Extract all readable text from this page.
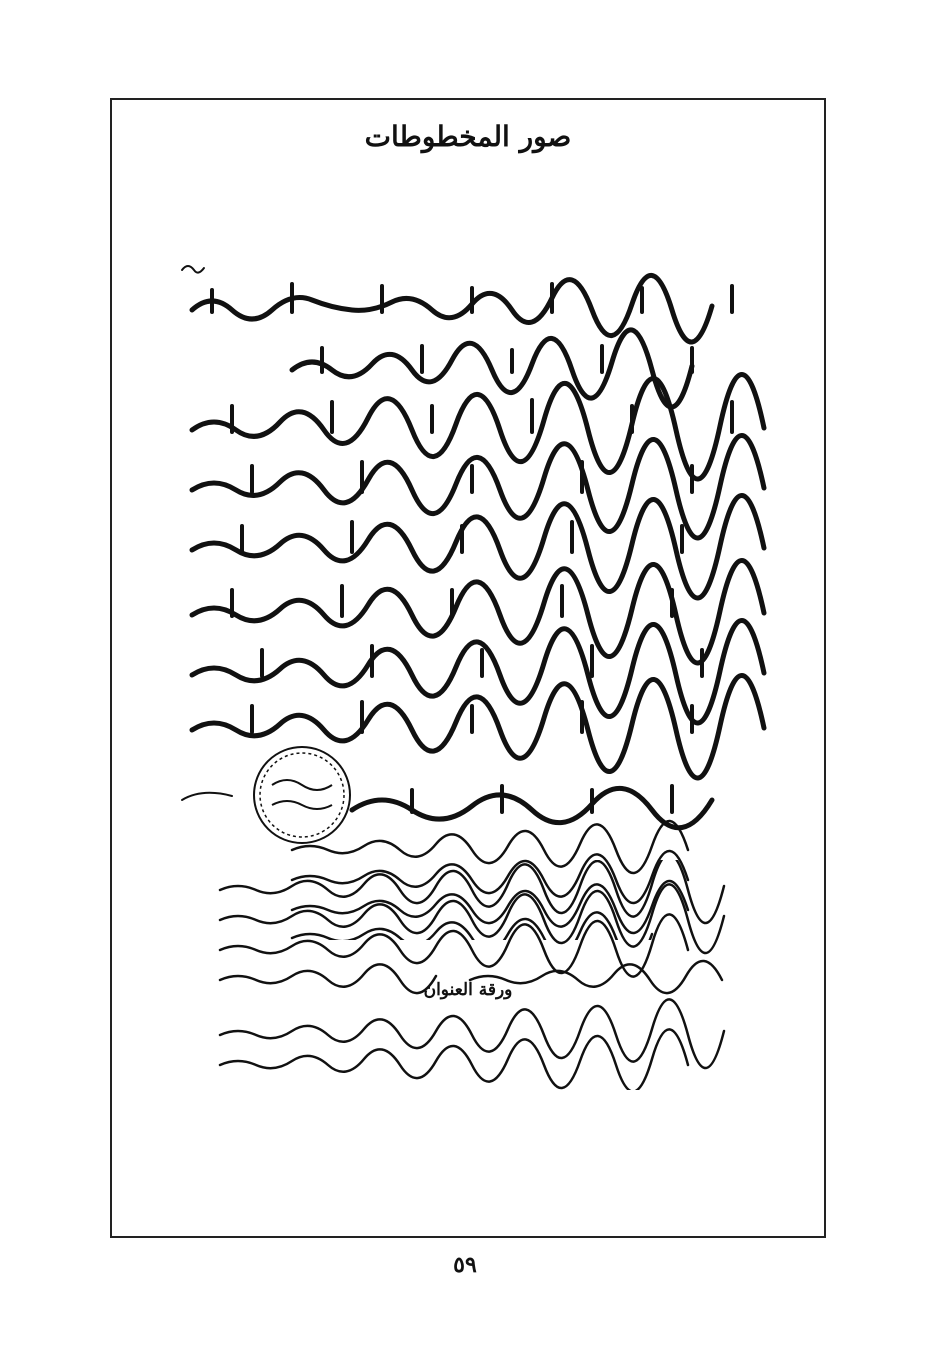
صور المخطوطات
ورقة العنوان
٥٩
